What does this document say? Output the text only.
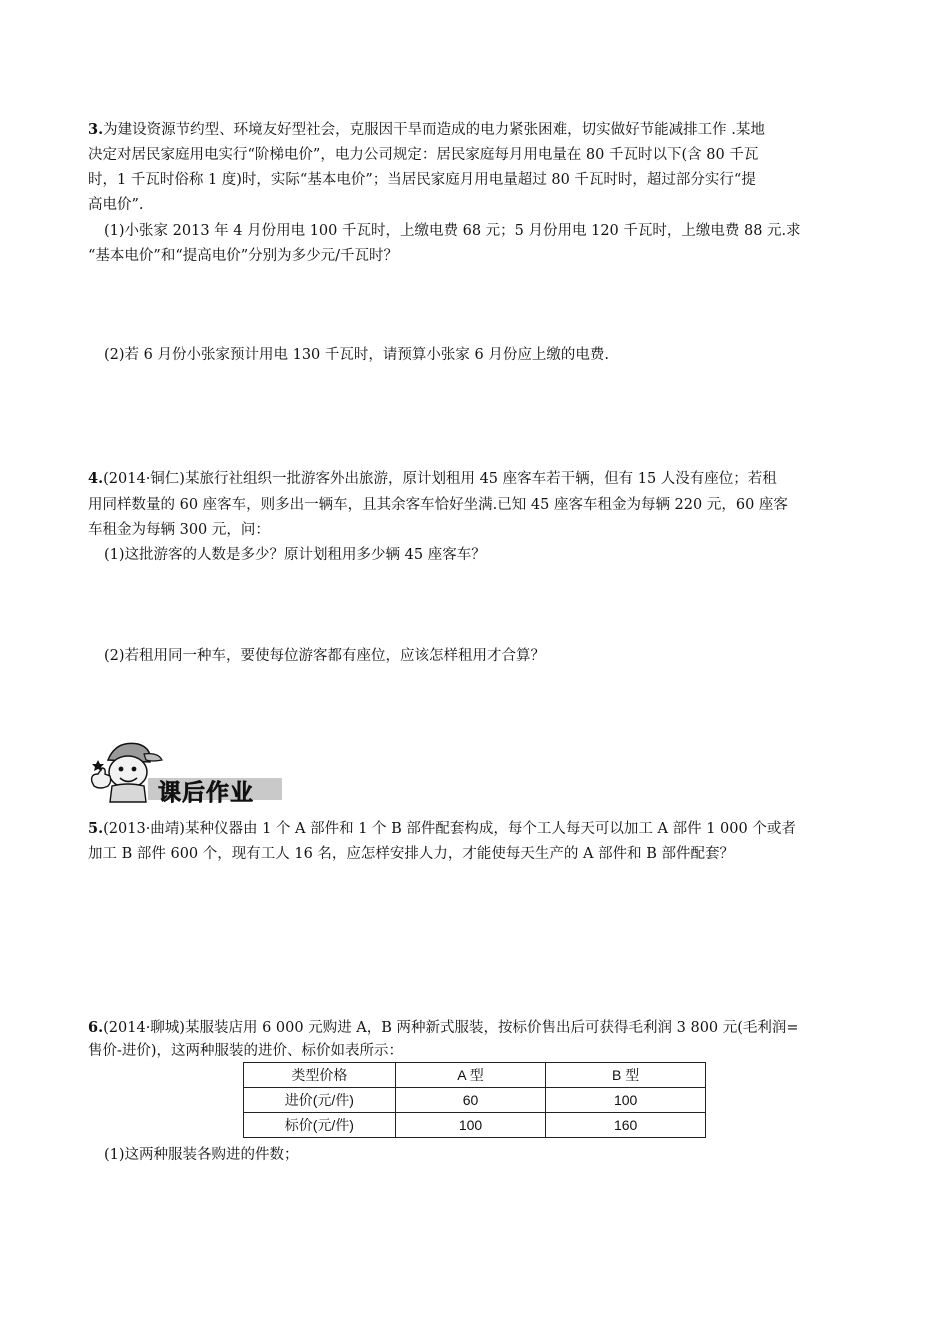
3.为建设资源节约型、环境友好型社会，克服因干旱而造成的电力紧张困难，切实做好节能减排工作 .某地
决定对居民家庭用电实行“阶梯电价”，电力公司规定：居民家庭每月用电量在 80 千瓦时以下(含 80 千瓦
时，1 千瓦时俗称 1 度)时，实际“基本电价”；当居民家庭月用电量超过 80 千瓦时时，超过部分实行“提
高电价”.
(1)小张家 2013 年 4 月份用电 100 千瓦时，上缴电费 68 元；5 月份用电 120 千瓦时，上缴电费 88 元.求
“基本电价”和“提高电价”分别为多少元/千瓦时？
(2)若 6 月份小张家预计用电 130 千瓦时，请预算小张家 6 月份应上缴的电费.
4.(2014·铜仁)某旅行社组织一批游客外出旅游，原计划租用 45 座客车若干辆，但有 15 人没有座位；若租
用同样数量的 60 座客车，则多出一辆车，且其余客车恰好坐满.已知 45 座客车租金为每辆 220 元，60 座客
车租金为每辆 300 元，问：
(1)这批游客的人数是多少？原计划租用多少辆 45 座客车？
(2)若租用同一种车，要使每位游客都有座位，应该怎样租用才合算？
课后作业
5.(2013·曲靖)某种仪器由 1 个 A 部件和 1 个 B 部件配套构成，每个工人每天可以加工 A 部件 1 000 个或者
加工 B 部件 600 个，现有工人 16 名，应怎样安排人力，才能使每天生产的 A 部件和 B 部件配套？
6.(2014·聊城)某服装店用 6 000 元购进 A，B 两种新式服装，按标价售出后可获得毛利润 3 800 元(毛利润=
售价-进价)，这两种服装的进价、标价如表所示：
类型价格	A 型	B 型
进价(元/件)	60	100
标价(元/件)	100	160
(1)这两种服装各购进的件数；
